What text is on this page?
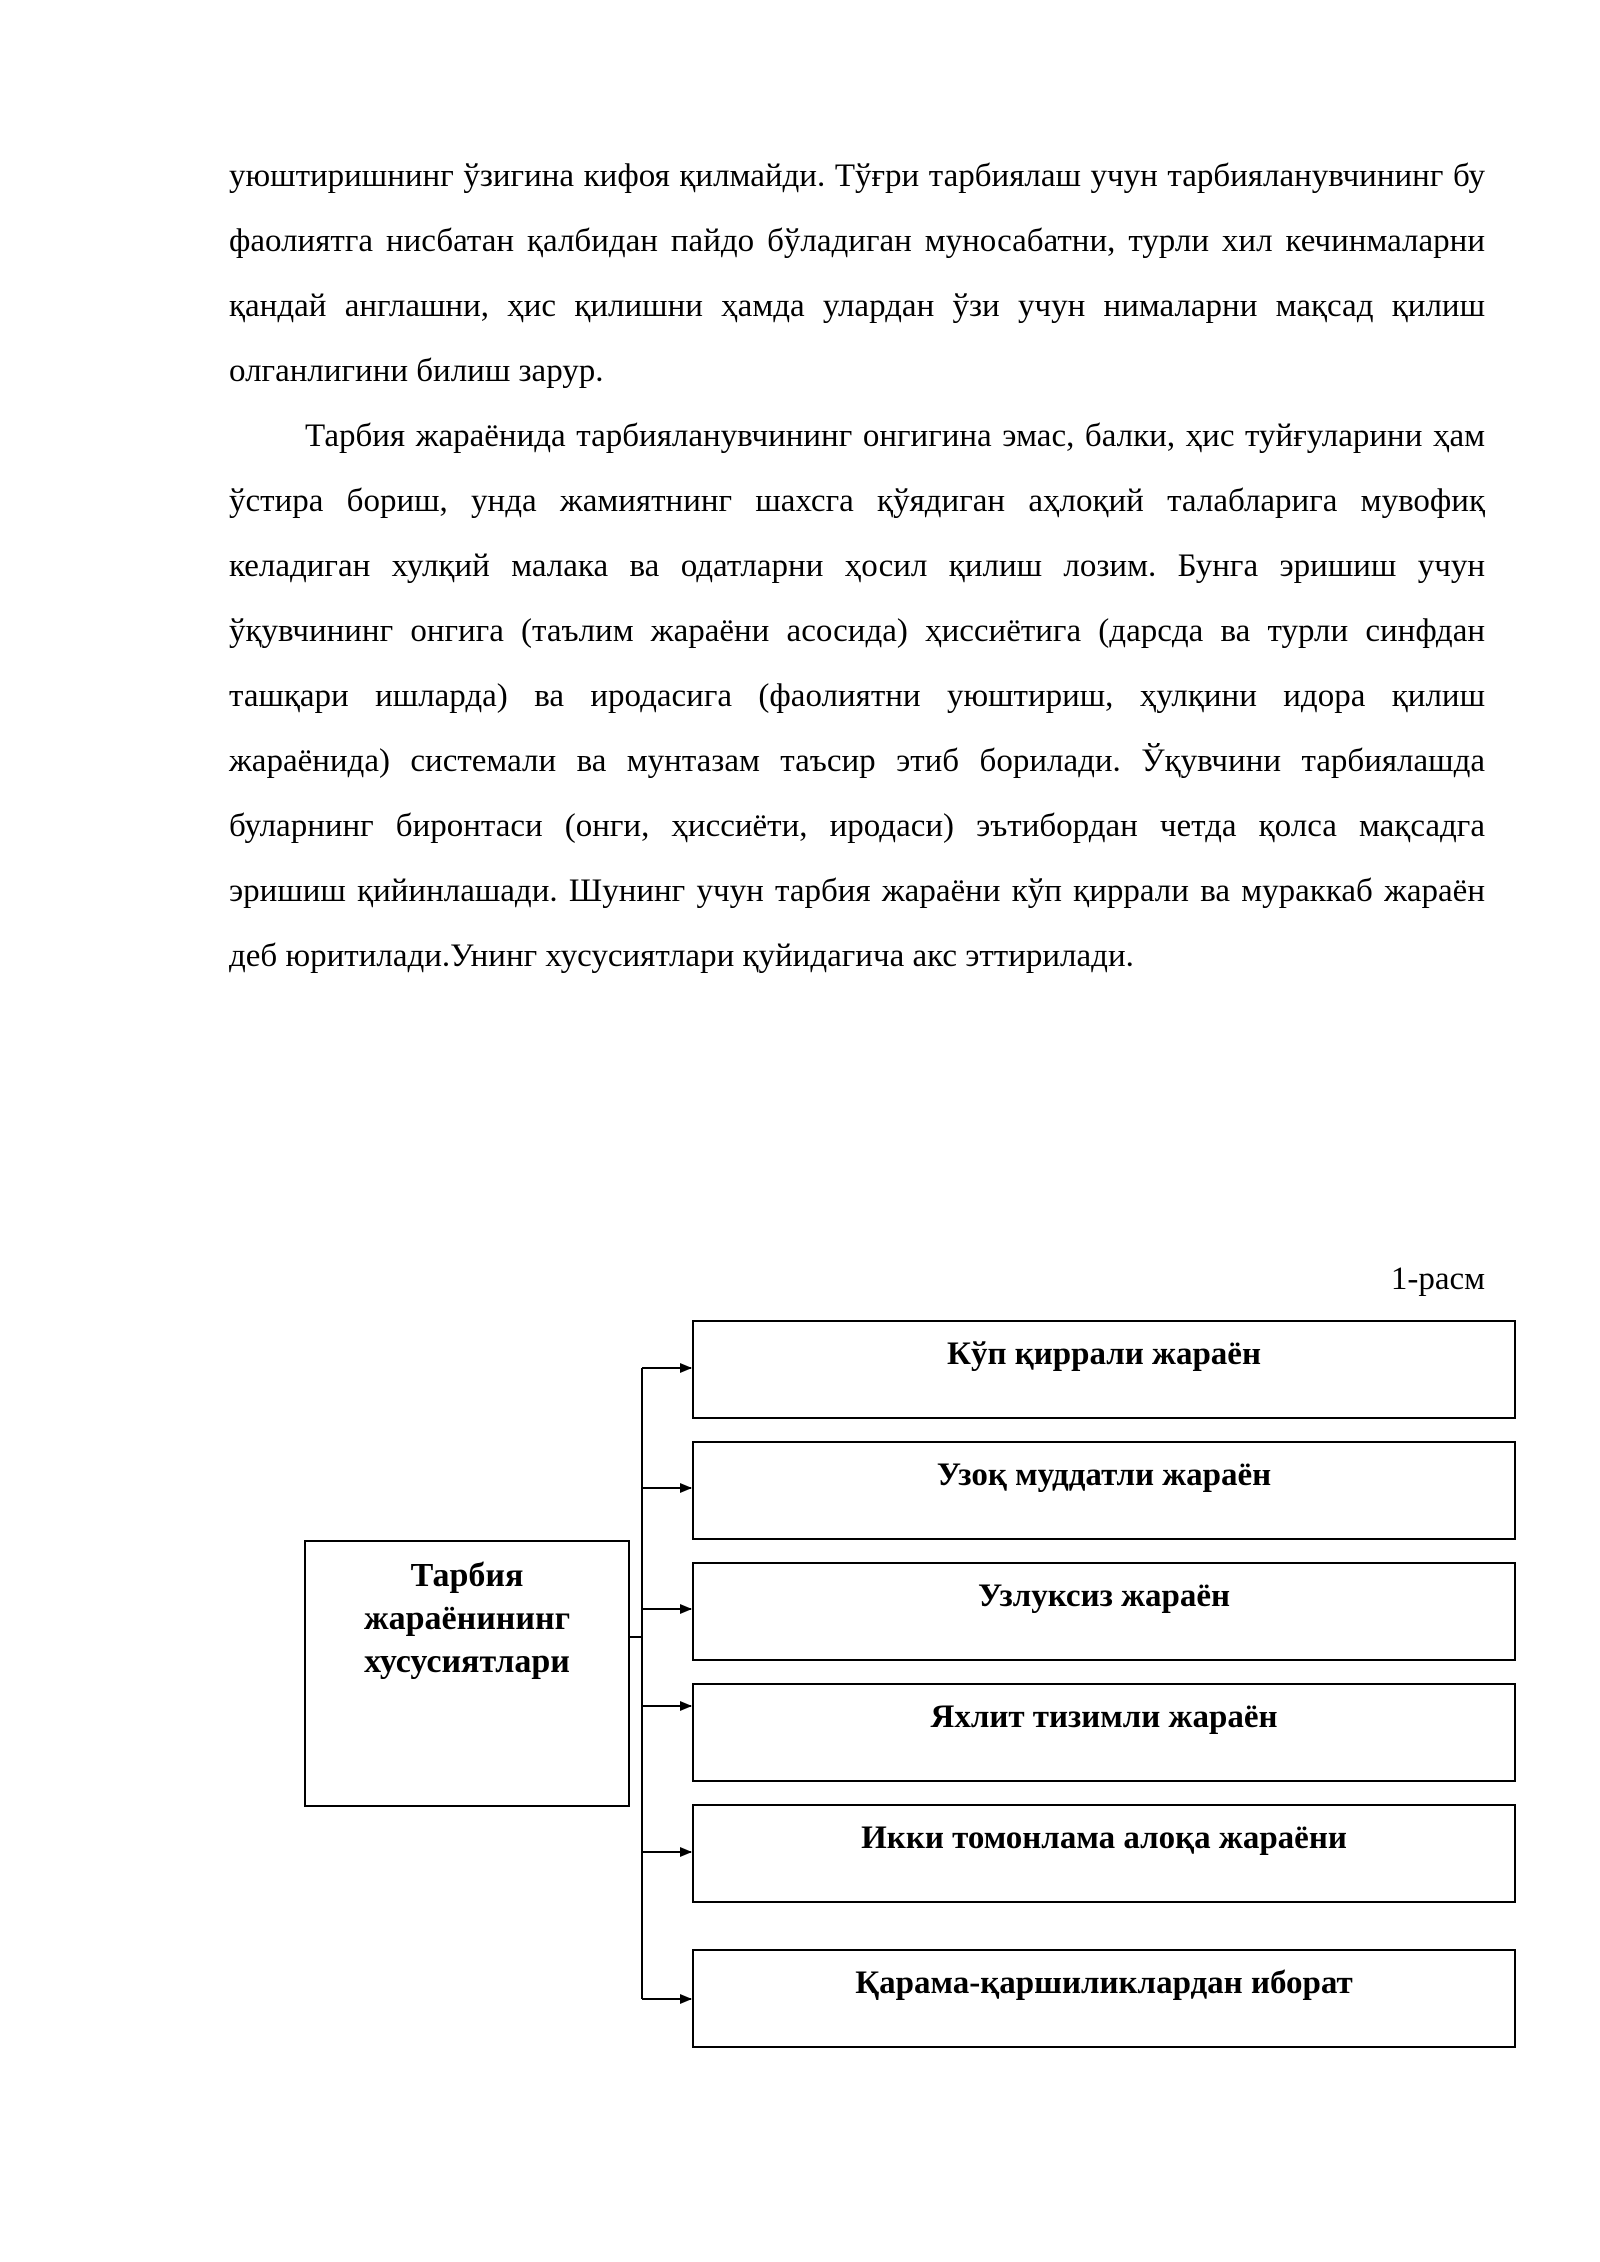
уюштиришнинг ўзигина кифоя қилмайди. Тўғри тарбиялаш учун тарбияланувчининг бу фаолиятга нисбатан қалбидан пайдо бўладиган муносабатни, турли хил кечинмаларни қандай англашни, ҳис қилишни ҳамда улардан ўзи учун нималарни мақсад қилиш олганлигини билиш зарур.

Тарбия жараёнида тарбияланувчининг онгигина эмас, балки, ҳис туйғуларини ҳам ўстира бориш, унда жамиятнинг шахсга қўядиган аҳлоқий талабларига мувофиқ келадиган хулқий малака ва одатларни ҳосил қилиш лозим. Бунга эришиш учун ўқувчининг онгига (таълим жараёни асосида) ҳиссиётига (дарсда ва турли синфдан ташқари ишларда) ва иродасига (фаолиятни уюштириш, ҳулқини идора қилиш жараёнида) системали ва мунтазам таъсир этиб борилади. Ўқувчини тарбиялашда буларнинг биронтаси (онги, ҳиссиёти, иродаси) эътибордан четда қолса мақсадга эришиш қийинлашади. Шунинг учун тарбия жараёни кўп қиррали ва мураккаб жараён деб юритилади.Унинг хусусиятлари қуйидагича акс эттирилади.

1-расм
Тарбия жараёнининг хусусиятлари
Кўп қиррали жараён
Узоқ муддатли жараён
Узлуксиз жараён
Яхлит тизимли жараён
Икки томонлама алоқа жараёни
Қарама-қаршиликлардан иборат
